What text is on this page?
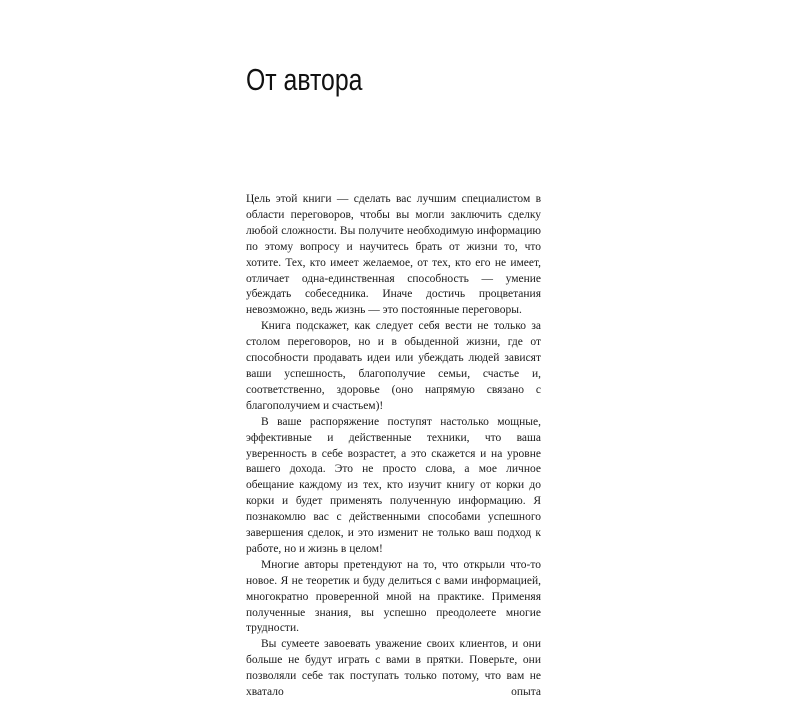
От автора

Цель этой книги — сделать вас лучшим специалистом в области переговоров, чтобы вы могли заключить сделку любой сложности. Вы получите необходимую информацию по этому вопросу и научитесь брать от жизни то, что хотите. Тех, кто имеет желаемое, от тех, кто его не имеет, отличает одна-единственная способность — умение убеждать собеседника. Иначе достичь процветания невозможно, ведь жизнь — это постоянные переговоры.

Книга подскажет, как следует себя вести не только за столом переговоров, но и в обыденной жизни, где от способности продавать идеи или убеждать людей зависят ваши успешность, благополучие семьи, счастье и, соответственно, здоровье (оно напрямую связано с благополучием и счастьем)!

В ваше распоряжение поступят настолько мощные, эффективные и действенные техники, что ваша уверенность в себе возрастет, а это скажется и на уровне вашего дохода. Это не просто слова, а мое личное обещание каждому из тех, кто изучит книгу от корки до корки и будет применять полученную информацию. Я познакомлю вас с действенными способами успешного завершения сделок, и это изменит не только ваш подход к работе, но и жизнь в целом!

Многие авторы претендуют на то, что открыли что-то новое. Я не теоретик и буду делиться с вами информацией, многократно проверенной мной на практике. Применяя полученные знания, вы успешно преодолеете многие трудности.

Вы сумеете завоевать уважение своих клиентов, и они больше не будут играть с вами в прятки. Поверьте, они позволяли себе так поступать только потому, что вам не хватало опыта
